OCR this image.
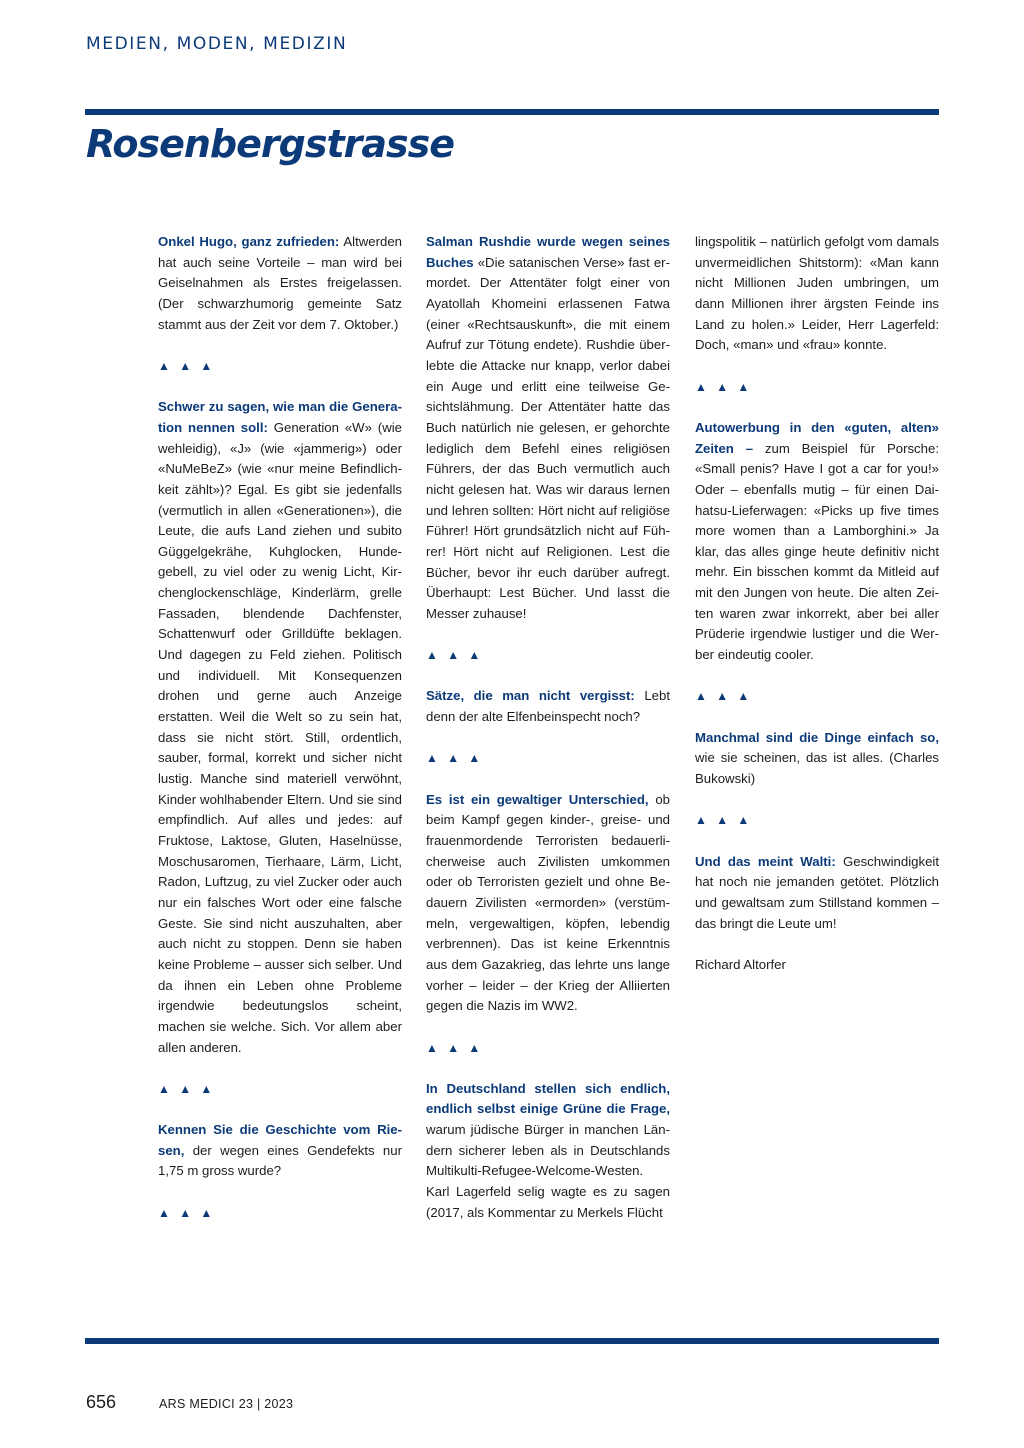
MEDIEN, MODEN, MEDIZIN
Rosenbergstrasse

Onkel Hugo, ganz zufrieden: Altwerden hat auch seine Vorteile – man wird bei Geiselnahmen als Erstes freigelassen. (Der schwarzhumorig gemeinte Satz stammt aus der Zeit vor dem 7. Oktober.)

▲ ▲ ▲

Schwer zu sagen, wie man die Generation nennen soll: Generation «W» (wie wehleidig), «J» (wie «jammerig») oder «NuMeBeZ» (wie «nur meine Befindlichkeit zählt»)? Egal. Es gibt sie jedenfalls (vermutlich in allen «Generationen»), die Leute, die aufs Land ziehen und subito Güggelgekrähe, Kuhglocken, Hundegebell, zu viel oder zu wenig Licht, Kirchenglockenschläge, Kinderlärm, grelle Fassaden, blendende Dachfenster, Schattenwurf oder Grilldüfte beklagen. Und dagegen zu Feld ziehen. Politisch und individuell. Mit Konsequenzen drohen und gerne auch Anzeige erstatten. Weil die Welt so zu sein hat, dass sie nicht stört. Still, ordentlich, sauber, formal, korrekt und sicher nicht lustig. Manche sind materiell verwöhnt, Kinder wohlhabender Eltern. Und sie sind empfindlich. Auf alles und jedes: auf Fruktose, Laktose, Gluten, Haselnüsse, Moschusaromen, Tierhaare, Lärm, Licht, Radon, Luftzug, zu viel Zucker oder auch nur ein falsches Wort oder eine falsche Geste. Sie sind nicht auszuhalten, aber auch nicht zu stoppen. Denn sie haben keine Probleme – ausser sich selber. Und da ihnen ein Leben ohne Probleme irgendwie bedeutungslos scheint, machen sie welche. Sich. Vor allem aber allen anderen.

▲ ▲ ▲

Kennen Sie die Geschichte vom Riesen, der wegen eines Gendefekts nur 1,75 m gross wurde?

▲ ▲ ▲

Salman Rushdie wurde wegen seines Buches «Die satanischen Verse» fast ermordet. Der Attentäter folgt einer von Ayatollah Khomeini erlassenen Fatwa (einer «Rechtsauskunft», die mit einem Aufruf zur Tötung endete). Rushdie überlebte die Attacke nur knapp, verlor dabei ein Auge und erlitt eine teilweise Gesichtslähmung. Der Attentäter hatte das Buch natürlich nie gelesen, er gehorchte lediglich dem Befehl eines religiösen Führers, der das Buch vermutlich auch nicht gelesen hat. Was wir daraus lernen und lehren sollten: Hört nicht auf religiöse Führer! Hört grundsätzlich nicht auf Führer! Hört nicht auf Religionen. Lest die Bücher, bevor ihr euch darüber aufregt. Überhaupt: Lest Bücher. Und lasst die Messer zuhause!

▲ ▲ ▲

Sätze, die man nicht vergisst: Lebt denn der alte Elfenbeinspecht noch?

▲ ▲ ▲

Es ist ein gewaltiger Unterschied, ob beim Kampf gegen kinder-, greise- und frauenmordende Terroristen bedauerlicherweise auch Zivilisten umkommen oder ob Terroristen gezielt und ohne Bedauern Zivilisten «ermorden» (verstümmeln, vergewaltigen, köpfen, lebendig verbrennen). Das ist keine Erkenntnis aus dem Gazakrieg, das lehrte uns lange vorher – leider – der Krieg der Alliierten gegen die Nazis im WW2.

▲ ▲ ▲

In Deutschland stellen sich endlich, endlich selbst einige Grüne die Frage, warum jüdische Bürger in manchen Ländern sicherer leben als in Deutschlands Multikulti-Refugee-Welcome-Westen. Karl Lagerfeld selig wagte es zu sagen (2017, als Kommentar zu Merkels Flücht

lingspolitik – natürlich gefolgt vom damals unvermeidlichen Shitstorm): «Man kann nicht Millionen Juden umbringen, um dann Millionen ihrer ärgsten Feinde ins Land zu holen.» Leider, Herr Lagerfeld: Doch, «man» und «frau» konnte.

▲ ▲ ▲

Autowerbung in den «guten, alten» Zeiten – zum Beispiel für Porsche: «Small penis? Have I got a car for you!» Oder – ebenfalls mutig – für einen Daihatsu-Lieferwagen: «Picks up five times more women than a Lamborghini.» Ja klar, das alles ginge heute definitiv nicht mehr. Ein bisschen kommt da Mitleid auf mit den Jungen von heute. Die alten Zeiten waren zwar inkorrekt, aber bei aller Prüderie irgendwie lustiger und die Werber eindeutig cooler.

▲ ▲ ▲

Manchmal sind die Dinge einfach so, wie sie scheinen, das ist alles. (Charles Bukowski)

▲ ▲ ▲

Und das meint Walti: Geschwindigkeit hat noch nie jemanden getötet. Plötzlich und gewaltsam zum Stillstand kommen – das bringt die Leute um!

Richard Altorfer

656	ARS MEDICI 23 | 2023
